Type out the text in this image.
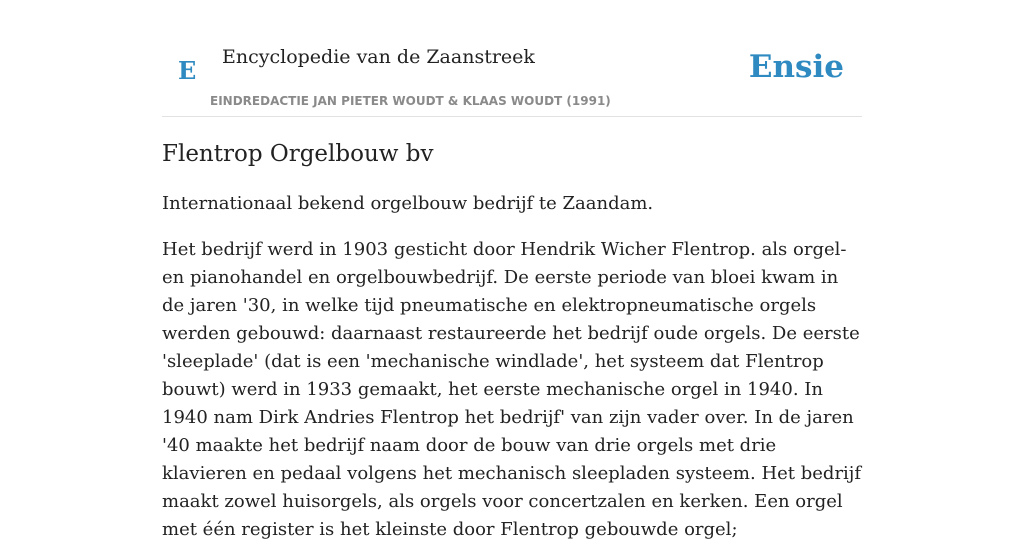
E Encyclopedie van de Zaanstreek
EINDREDACTIE JAN PIETER WOUDT & KLAAS WOUDT (1991)
Ensie
Flentrop Orgelbouw bv

Internationaal bekend orgelbouw bedrijf te Zaandam.

Het bedrijf werd in 1903 gesticht door Hendrik Wicher Flentrop. als orgel- en pianohandel en orgelbouwbedrijf. De eerste periode van bloei kwam in de jaren '30, in welke tijd pneumatische en elektropneumatische orgels werden gebouwd: daarnaast restaureerde het bedrijf oude orgels. De eerste 'sleeplade' (dat is een 'mechanische windlade', het systeem dat Flentrop bouwt) werd in 1933 gemaakt, het eerste mechanische orgel in 1940. In 1940 nam Dirk Andries Flentrop het bedrijf' van zijn vader over. In de jaren '40 maakte het bedrijf naam door de bouw van drie orgels met drie klavieren en pedaal volgens het mechanisch sleepladen systeem. Het bedrijf maakt zowel huisorgels, als orgels voor concertzalen en kerken. Een orgel met één register is het kleinste door Flentrop gebouwde orgel;
